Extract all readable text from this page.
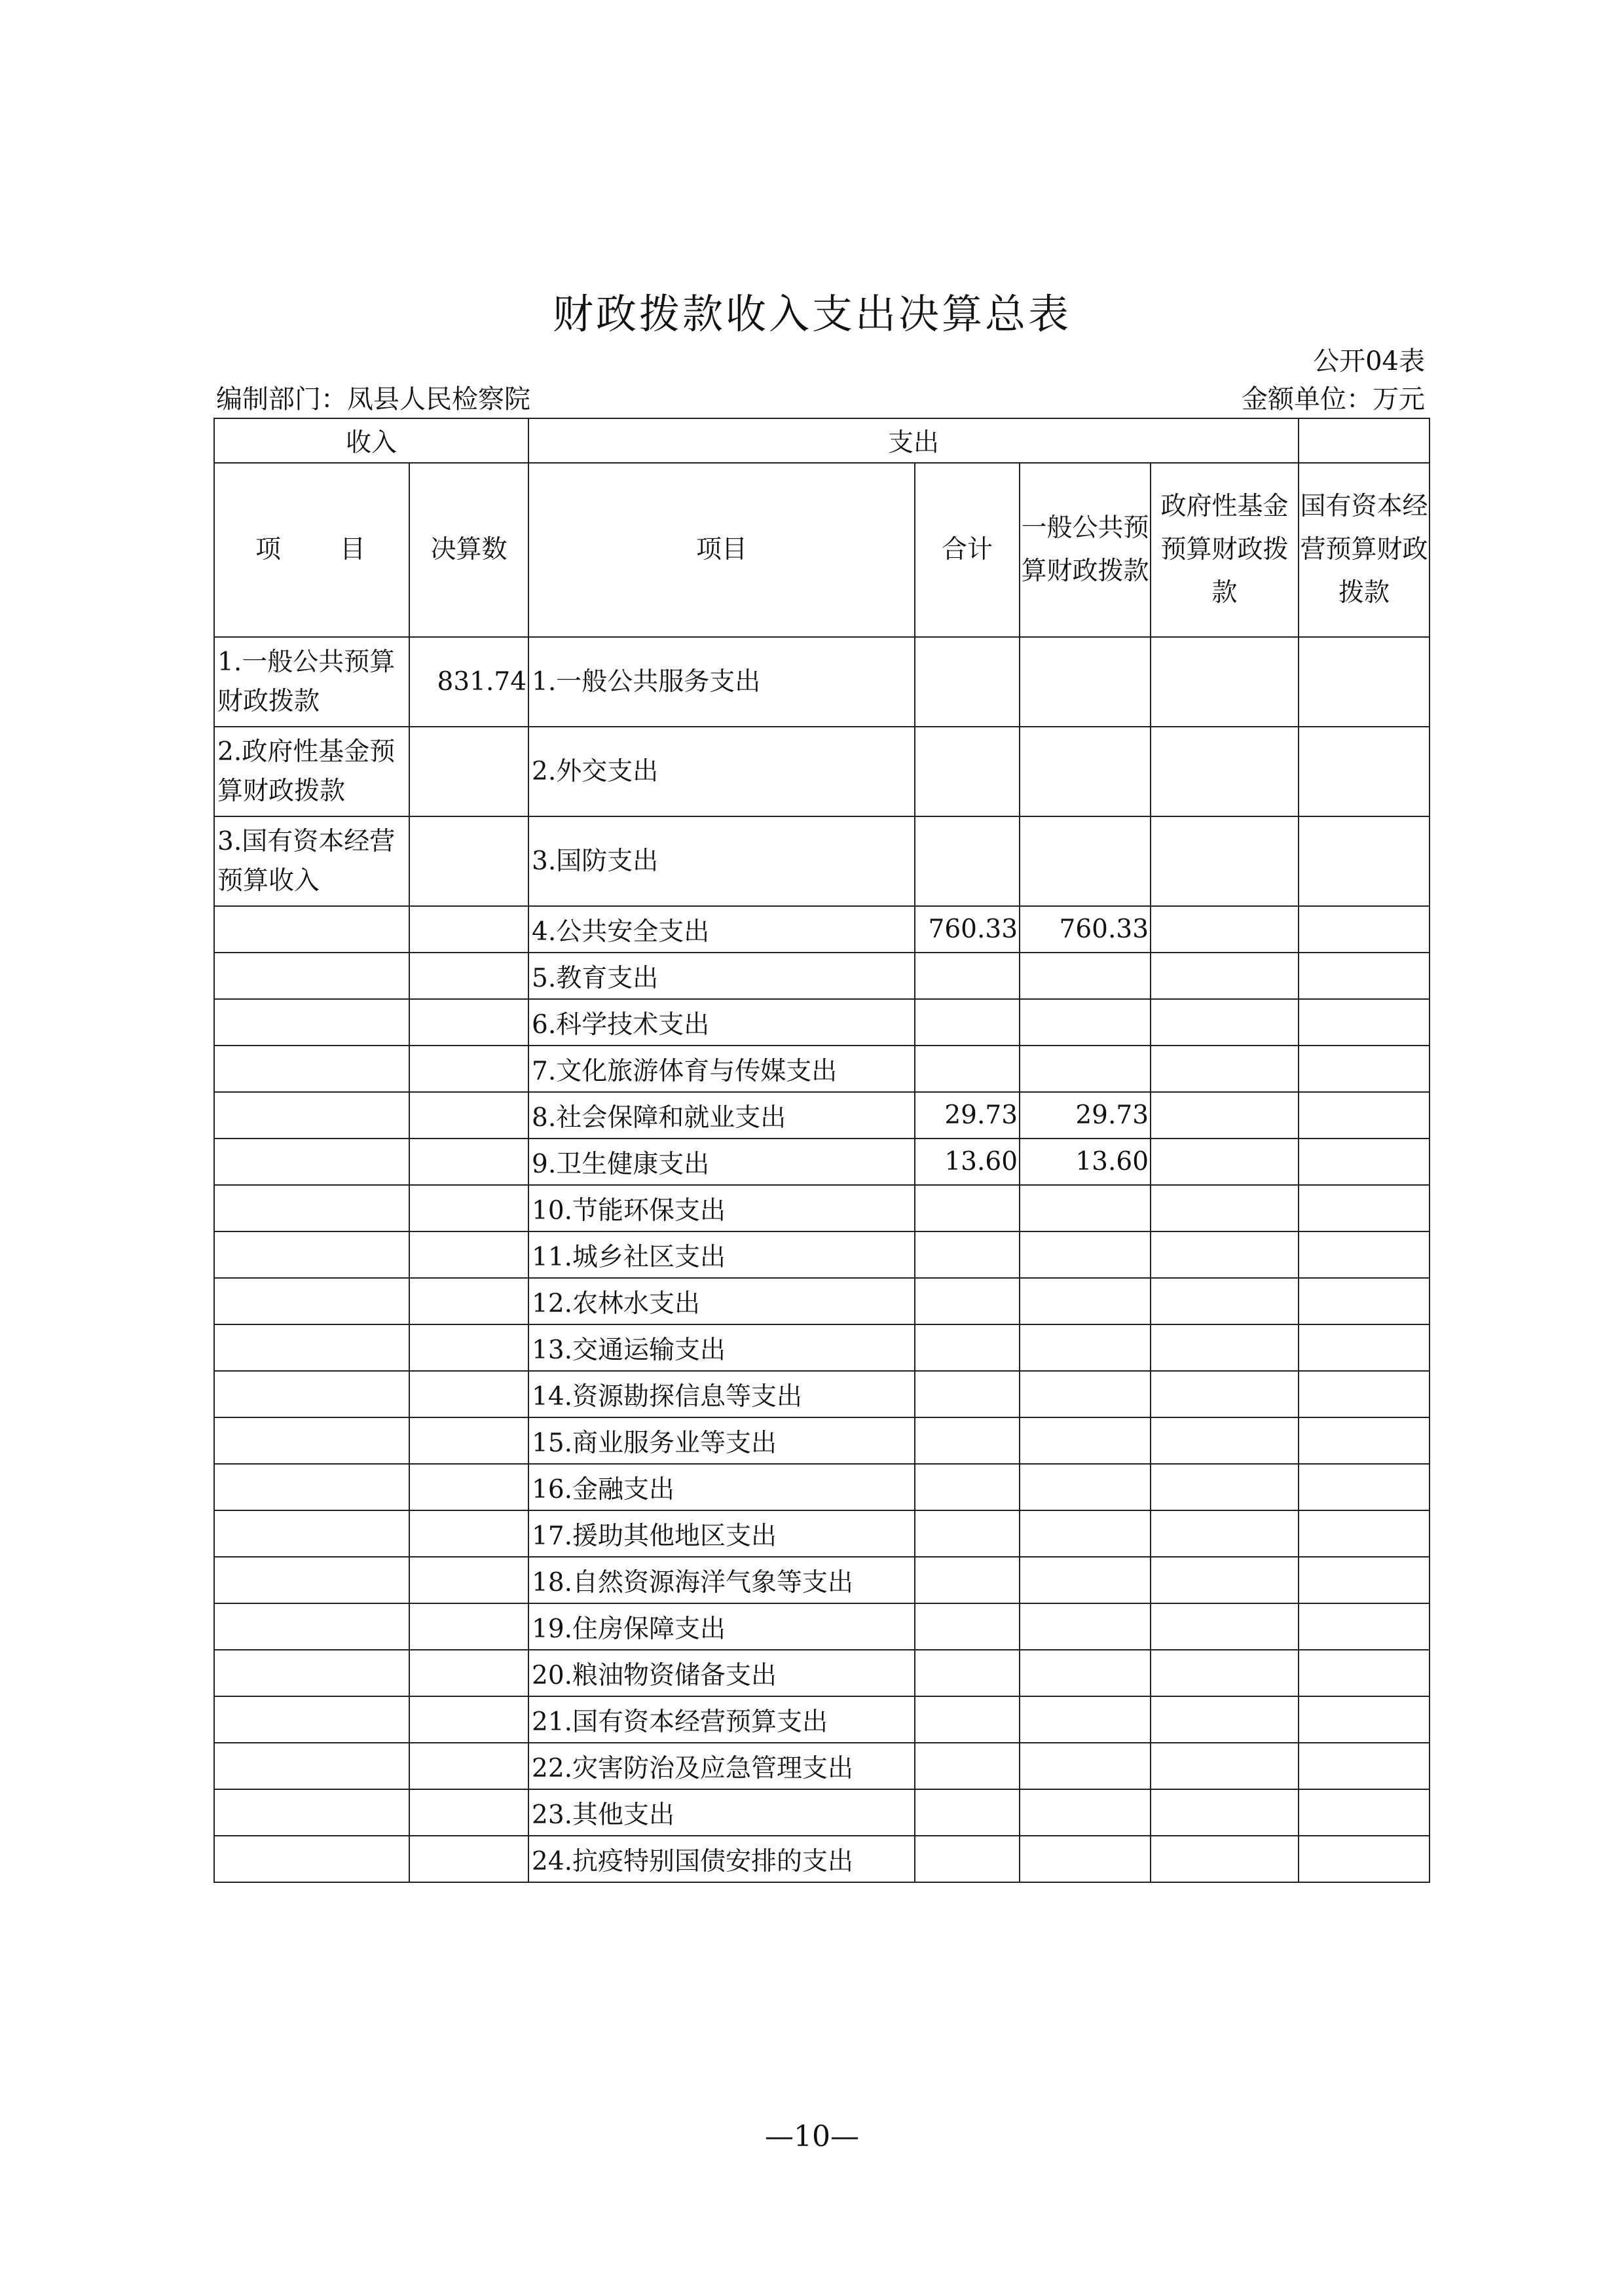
财政拨款收入支出决算总表
公开04表
编制部门：凤县人民检察院	金额单位：万元
收入		支出				
项　　目	决算数	项目	合计	一般公共预算财政拨款	政府性基金预算财政拨款	国有资本经营预算财政拨款
1.一般公共预算财政拨款	831.74	1.一般公共服务支出				
2.政府性基金预算财政拨款		2.外交支出				
3.国有资本经营预算收入		3.国防支出				
		4.公共安全支出	760.33	760.33		
		5.教育支出				
		6.科学技术支出				
		7.文化旅游体育与传媒支出				
		8.社会保障和就业支出	29.73	29.73		
		9.卫生健康支出	13.60	13.60		
		10.节能环保支出				
		11.城乡社区支出				
		12.农林水支出				
		13.交通运输支出				
		14.资源勘探信息等支出				
		15.商业服务业等支出				
		16.金融支出				
		17.援助其他地区支出				
		18.自然资源海洋气象等支出				
		19.住房保障支出				
		20.粮油物资储备支出				
		21.国有资本经营预算支出				
		22.灾害防治及应急管理支出				
		23.其他支出				
		24.抗疫特别国债安排的支出				
—10—
